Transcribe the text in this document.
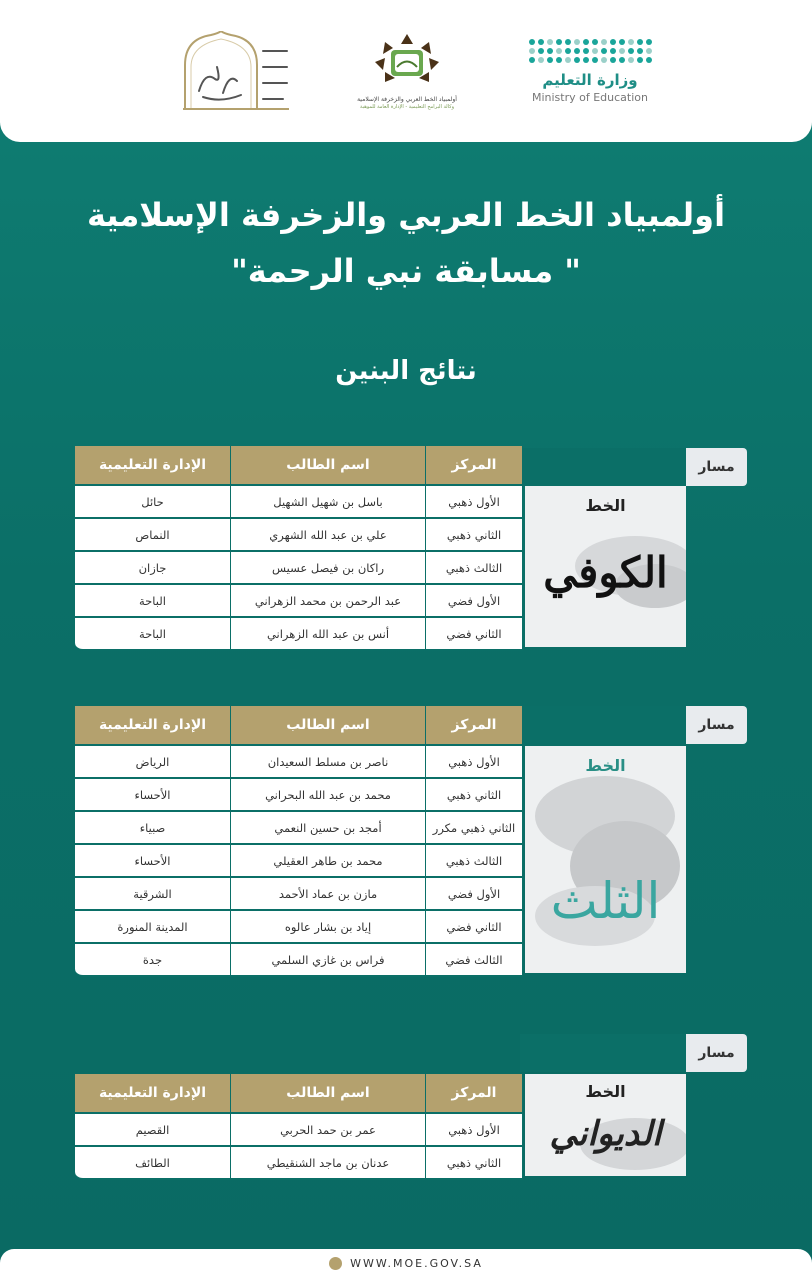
وزارة التعليم
Ministry of Education
أولمبياد الخط العربي والزخرفة الإسلامية
وكالة البرامج التعليمية - الإدارة العامة للموهبة
أولمبياد الخط العربي والزخرفة الإسلامية
"مسابقة نبي الرحمة "
نتائج البنين
مسار
المركز
اسم الطالب
الإدارة التعليمية
الأول ذهبي
باسل بن شهيل الشهيل
حائل
الثاني ذهبي
علي بن عبد الله الشهري
النماص
الثالث ذهبي
راكان بن فيصل عسيس
جازان
الأول فضي
عبد الرحمن بن محمد الزهراني
الباحة
الثاني فضي
أنس بن عبد الله الزهراني
الباحة
الخط
الكوفي
مسار
المركز
اسم الطالب
الإدارة التعليمية
الأول ذهبي
ناصر بن مسلط السعيدان
الرياض
الثاني ذهبي
محمد بن عبد الله البحراني
الأحساء
الثاني ذهبي مكرر
أمجد بن حسين النعمي
صبياء
الثالث ذهبي
محمد بن طاهر العقيلي
الأحساء
الأول فضي
مازن بن عماد الأحمد
الشرقية
الثاني فضي
إياد بن بشار عالوه
المدينة المنورة
الثالث فضي
فراس بن غازي السلمي
جدة
الخط
الثلث
مسار
المركز
اسم الطالب
الإدارة التعليمية
الأول ذهبي
عمر بن حمد الحربي
القصيم
الثاني ذهبي
عدنان بن ماجد الشنقيطي
الطائف
الخط
الديواني
WWW.MOE.GOV.SA
